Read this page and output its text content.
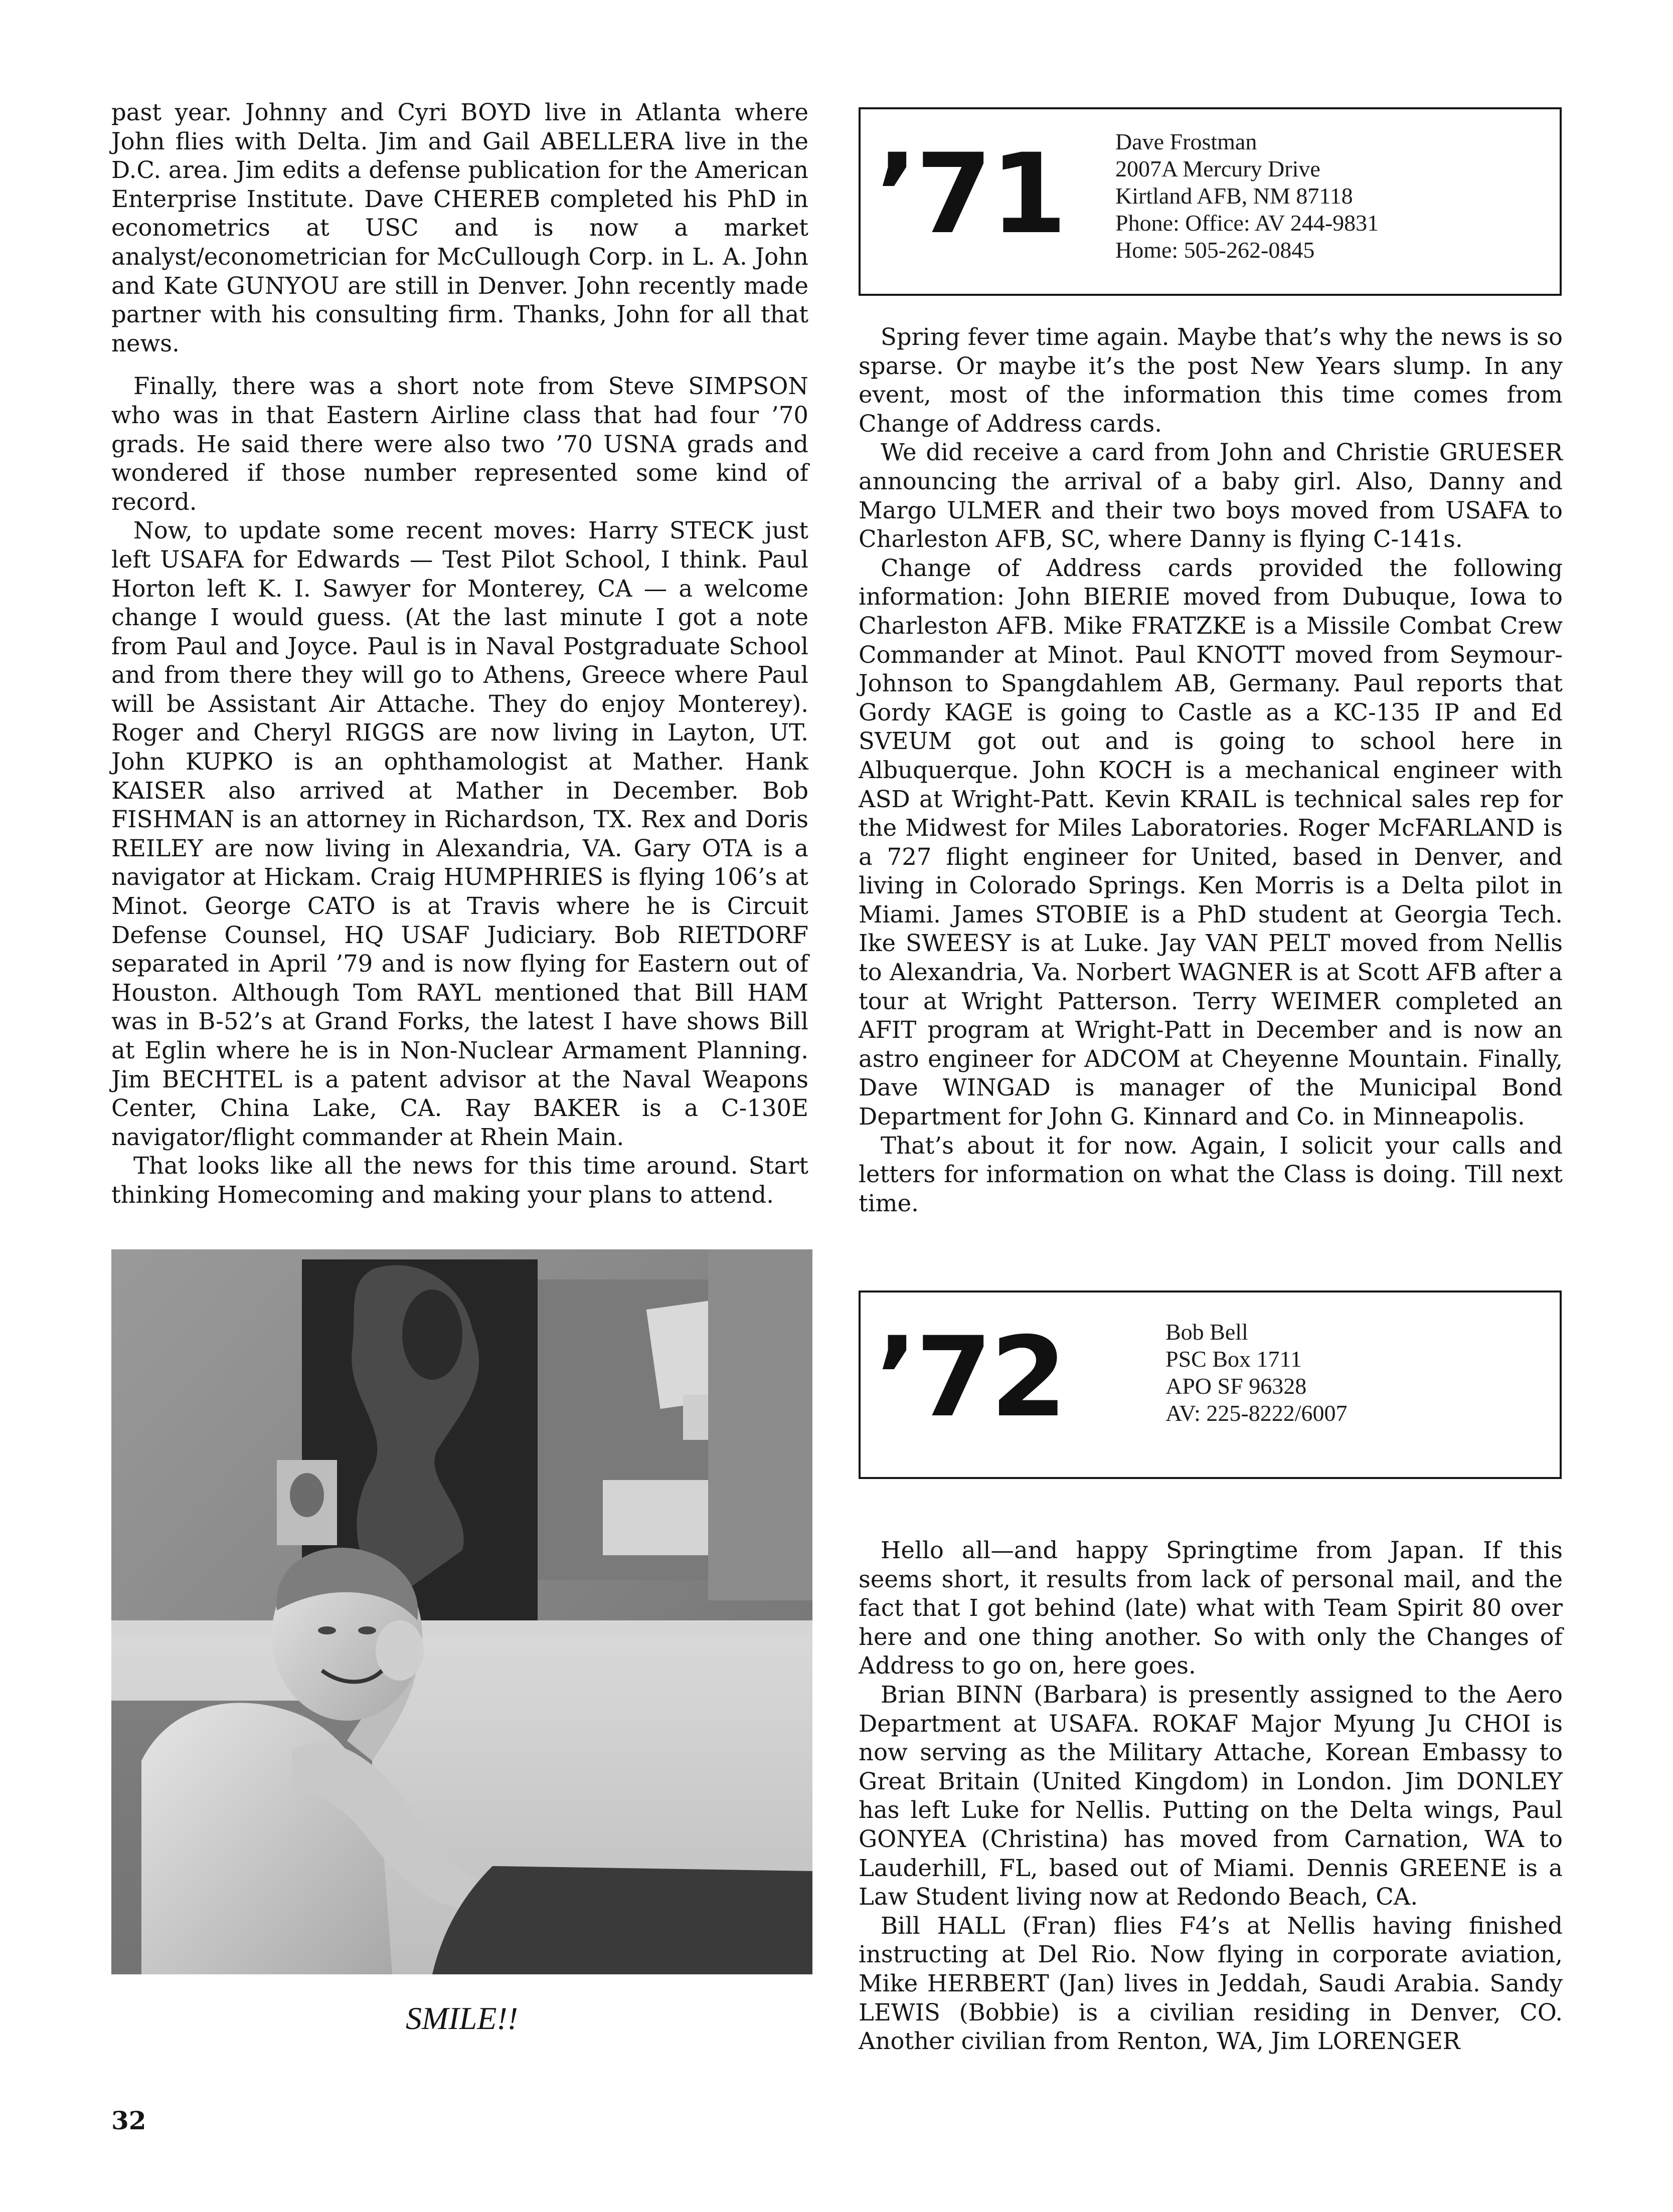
past year. Johnny and Cyri BOYD live in Atlanta where John flies with Delta. Jim and Gail ABELLERA live in the D.C. area. Jim edits a defense publication for the American Enterprise Institute. Dave CHEREB completed his PhD in econometrics at USC and is now a market analyst/econometrician for McCullough Corp. in L. A. John and Kate GUNYOU are still in Denver. John recently made partner with his consulting firm. Thanks, John for all that news.

Finally, there was a short note from Steve SIMPSON who was in that Eastern Airline class that had four ’70 grads. He said there were also two ’70 USNA grads and wondered if those number represented some kind of record.

Now, to update some recent moves: Harry STECK just left USAFA for Edwards — Test Pilot School, I think. Paul Horton left K. I. Sawyer for Monterey, CA — a welcome change I would guess. (At the last minute I got a note from Paul and Joyce. Paul is in Naval Postgraduate School and from there they will go to Athens, Greece where Paul will be Assistant Air Attache. They do enjoy Monterey). Roger and Cheryl RIGGS are now living in Layton, UT. John KUPKO is an ophthamologist at Mather. Hank KAISER also arrived at Mather in December. Bob FISHMAN is an attorney in Richardson, TX. Rex and Doris REILEY are now living in Alexandria, VA. Gary OTA is a navigator at Hickam. Craig HUMPHRIES is flying 106’s at Minot. George CATO is at Travis where he is Circuit Defense Counsel, HQ USAF Judiciary. Bob RIETDORF separated in April ’79 and is now flying for Eastern out of Houston. Although Tom RAYL mentioned that Bill HAM was in B-52’s at Grand Forks, the latest I have shows Bill at Eglin where he is in Non-Nuclear Armament Planning. Jim BECHTEL is a patent advisor at the Naval Weapons Center, China Lake, CA. Ray BAKER is a C-130E navigator/flight commander at Rhein Main.

That looks like all the news for this time around. Start thinking Homecoming and making your plans to attend.

’71 Dave Frostman
2007A Mercury Drive
Kirtland AFB, NM 87118
Phone: Office: AV 244-9831
Home: 505-262-0845

Spring fever time again. Maybe that’s why the news is so sparse. Or maybe it’s the post New Years slump. In any event, most of the information this time comes from Change of Address cards.

We did receive a card from John and Christie GRUESER announcing the arrival of a baby girl. Also, Danny and Margo ULMER and their two boys moved from USAFA to Charleston AFB, SC, where Danny is flying C-141s.

Change of Address cards provided the following information: John BIERIE moved from Dubuque, Iowa to Charleston AFB. Mike FRATZKE is a Missile Combat Crew Commander at Minot. Paul KNOTT moved from Seymour-Johnson to Spangdahlem AB, Germany. Paul reports that Gordy KAGE is going to Castle as a KC-135 IP and Ed SVEUM got out and is going to school here in Albuquerque. John KOCH is a mechanical engineer with ASD at Wright-Patt. Kevin KRAIL is technical sales rep for the Midwest for Miles Laboratories. Roger McFARLAND is a 727 flight engineer for United, based in Denver, and living in Colorado Springs. Ken Morris is a Delta pilot in Miami. James STOBIE is a PhD student at Georgia Tech. Ike SWEESY is at Luke. Jay VAN PELT moved from Nellis to Alexandria, Va. Norbert WAGNER is at Scott AFB after a tour at Wright Patterson. Terry WEIMER completed an AFIT program at Wright-Patt in December and is now an astro engineer for ADCOM at Cheyenne Mountain. Finally, Dave WINGAD is manager of the Municipal Bond Department for John G. Kinnard and Co. in Minneapolis.

That’s about it for now. Again, I solicit your calls and letters for information on what the Class is doing. Till next time.

’72	Bob Bell
PSC Box 1711
APO SF 96328
AV: 225-8222/6007

Hello all—and happy Springtime from Japan. If this seems short, it results from lack of personal mail, and the fact that I got behind (late) what with Team Spirit 80 over here and one thing another. So with only the Changes of Address to go on, here goes.

Brian BINN (Barbara) is presently assigned to the Aero Department at USAFA. ROKAF Major Myung Ju CHOI is now serving as the Military Attache, Korean Embassy to Great Britain (United Kingdom) in London. Jim DONLEY has left Luke for Nellis. Putting on the Delta wings, Paul GONYEA (Christina) has moved from Carnation, WA to Lauderhill, FL, based out of Miami. Dennis GREENE is a Law Student living now at Redondo Beach, CA.

Bill HALL (Fran) flies F4’s at Nellis having finished instructing at Del Rio. Now flying in corporate aviation, Mike HERBERT (Jan) lives in Jeddah, Saudi Arabia. Sandy LEWIS (Bobbie) is a civilian residing in Denver, CO. Another civilian from Renton, WA, Jim LORENGER

SMILE!!
32
